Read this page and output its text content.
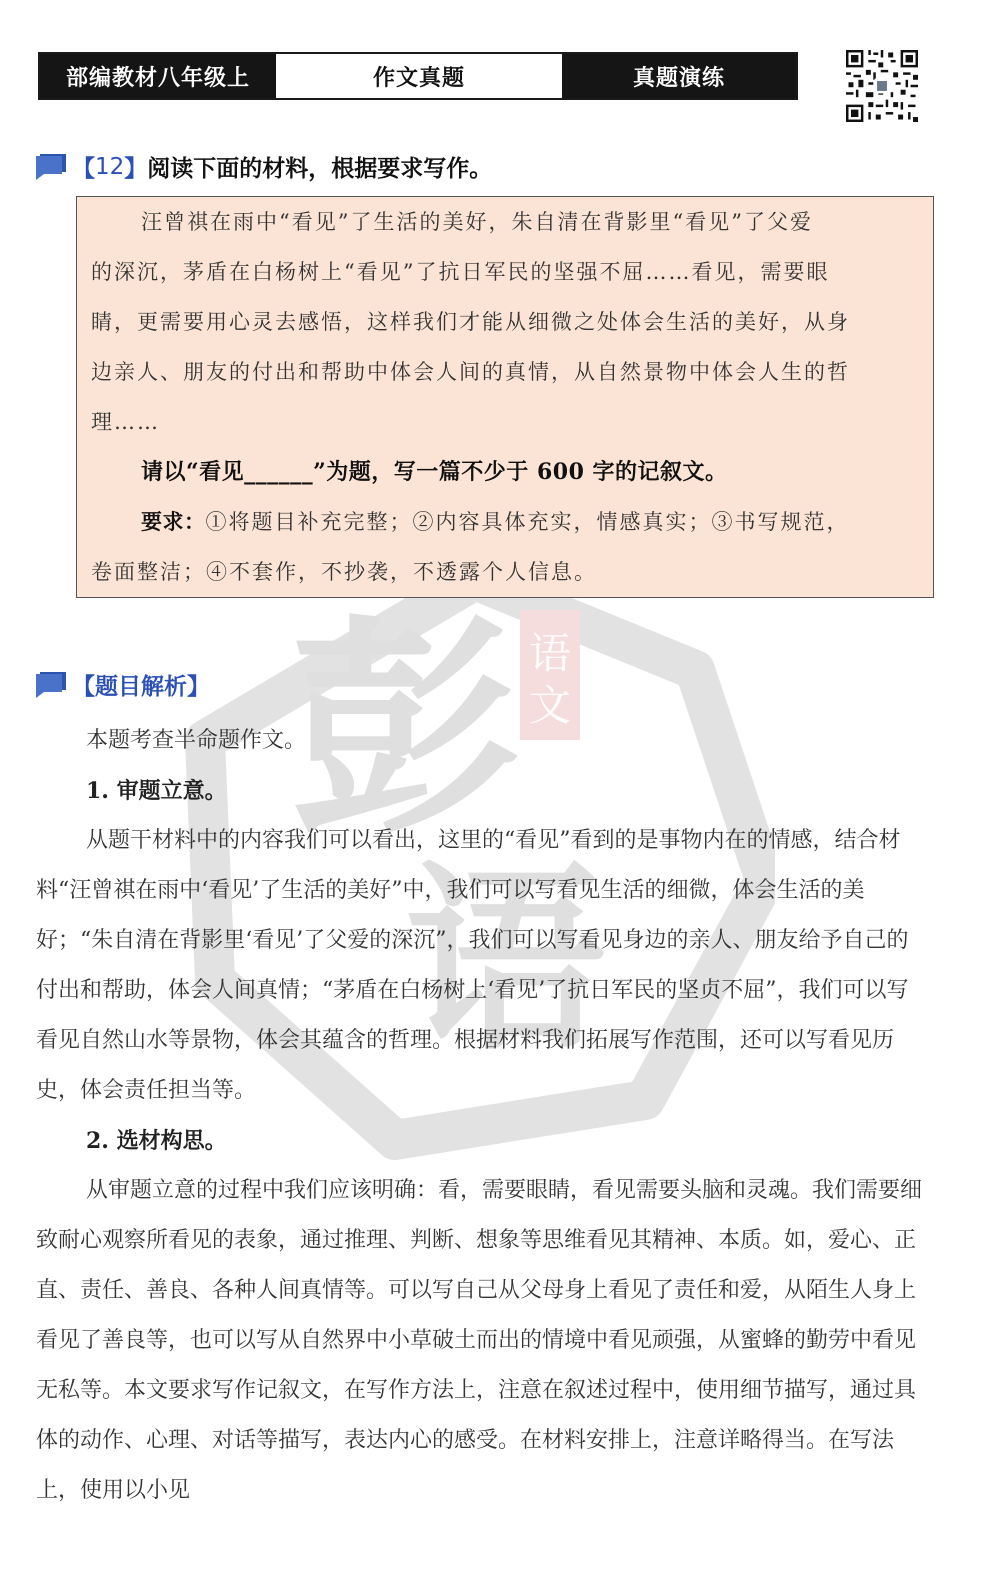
部编教材八年级上	作文真题	真题演练
语
文
彭
语
【 12 】 阅读下面的材料，根据要求写作。

汪曾祺在雨中“看见”了生活的美好，朱自清在背影里“看见”了父爱

的深沉，茅盾在白杨树上“看见”了抗日军民的坚强不屈……看见，需要眼

睛，更需要用心灵去感悟，这样我们才能从细微之处体会生活的美好，从身

边亲人、朋友的付出和帮助中体会人间的真情，从自然景物中体会人生的哲

理……

请以“看见______”为题，写一篇不少于 600 字的记叙文。

要求：①将题目补充完整；②内容具体充实，情感真实；③书写规范，

卷面整洁；④不套作，不抄袭，不透露个人信息。

【题目解析】

本题考查半命题作文。

1. 审题立意。

从题干材料中的内容我们可以看出，这里的“看见”看到的是事物内在的情感，结合材料“汪曾祺在雨中‘看见’了生活的美好”中，我们可以写看见生活的细微，体会生活的美好；“朱自清在背影里‘看见’了父爱的深沉”，我们可以写看见身边的亲人、朋友给予自己的付出和帮助，体会人间真情；“茅盾在白杨树上‘看见’了抗日军民的坚贞不屈”，我们可以写看见自然山水等景物，体会其蕴含的哲理。根据材料我们拓展写作范围，还可以写看见历史，体会责任担当等。

2. 选材构思。

从审题立意的过程中我们应该明确：看，需要眼睛，看见需要头脑和灵魂。我们需要细致耐心观察所看见的表象，通过推理、判断、想象等思维看见其精神、本质。如，爱心、正直、责任、善良、各种人间真情等。可以写自己从父母身上看见了责任和爱，从陌生人身上看见了善良等，也可以写从自然界中小草破土而出的情境中看见顽强，从蜜蜂的勤劳中看见无私等。本文要求写作记叙文，在写作方法上，注意在叙述过程中，使用细节描写，通过具体的动作、心理、对话等描写，表达内心的感受。在材料安排上，注意详略得当。在写法上，使用以小见
